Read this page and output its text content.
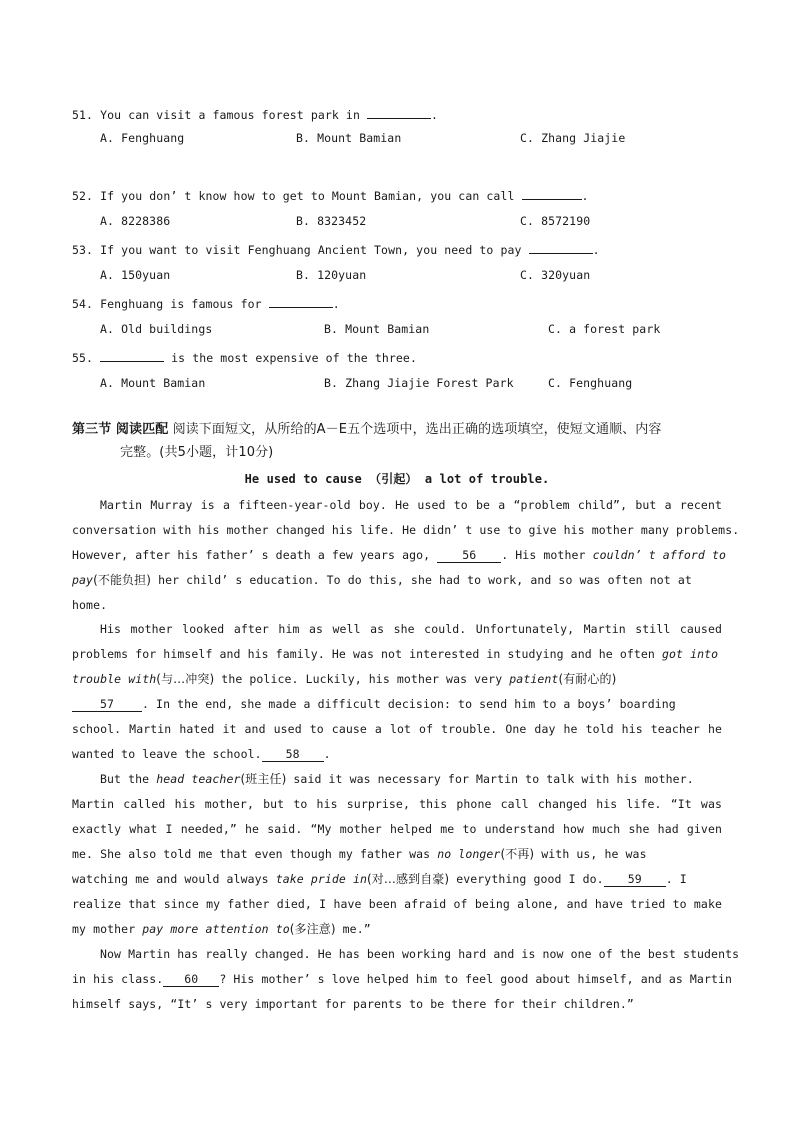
51. You can visit a famous forest park in	.
A. Fenghuang	B. Mount Bamian	C. Zhang Jiajie
52. If you don’ t know how to get to Mount Bamian, you can call	.
A. 8228386	B. 8323452	C. 8572190
53. If you want to visit Fenghuang Ancient Town, you need to pay	.
A. 150yuan	B. 120yuan	C. 320yuan
54. Fenghuang is famous for	.
A. Old buildings	B. Mount Bamian	C. a forest park
55.	is the most expensive of the three.
A. Mount Bamian	B. Zhang Jiajie Forest Park	C. Fenghuang
第三节 阅读匹配 阅读下面短文，从所给的A－E五个选项中，选出正确的选项填空，使短文通顺、内容
完整。(共5小题，计10分)
He used to cause （引起） a lot of trouble.
Martin Murray is a fifteen-year-old boy. He used to be a “problem child”, but a recent
conversation with his mother changed his life. He didn’ t use to give his mother many problems.
However, after his father’ s death a few years ago,	56 . His mother couldn’ t afford to
pay(不能负担) her child’ s education. To do this, she had to work, and so was often not at
home.
His mother looked after him as well as she could. Unfortunately, Martin still caused
problems for himself and his family. He was not interested in studying and he often got into
trouble with(与…冲突) the police. Luckily, his mother was very patient(有耐心的)
57 . In the end, she made a difficult decision: to send him to a boys’ boarding
school. Martin hated it and used to cause a lot of trouble. One day he told his teacher he
wanted to leave the school. 58 .
But the head teacher(班主任) said it was necessary for Martin to talk with his mother.
Martin called his mother, but to his surprise, this phone call changed his life. “It was
exactly what I needed,” he said. “My mother helped me to understand how much she had given
me. She also told me that even though my father was no longer(不再) with us, he was
watching me and would always take pride in(对…感到自豪) everything good I do. 59 . I
realize that since my father died, I have been afraid of being alone, and have tried to make
my mother pay more attention to(多注意) me.”
Now Martin has really changed. He has been working hard and is now one of the best students
in his class. 60 ? His mother’ s love helped him to feel good about himself, and as Martin
himself says, “It’ s very important for parents to be there for their children.”
